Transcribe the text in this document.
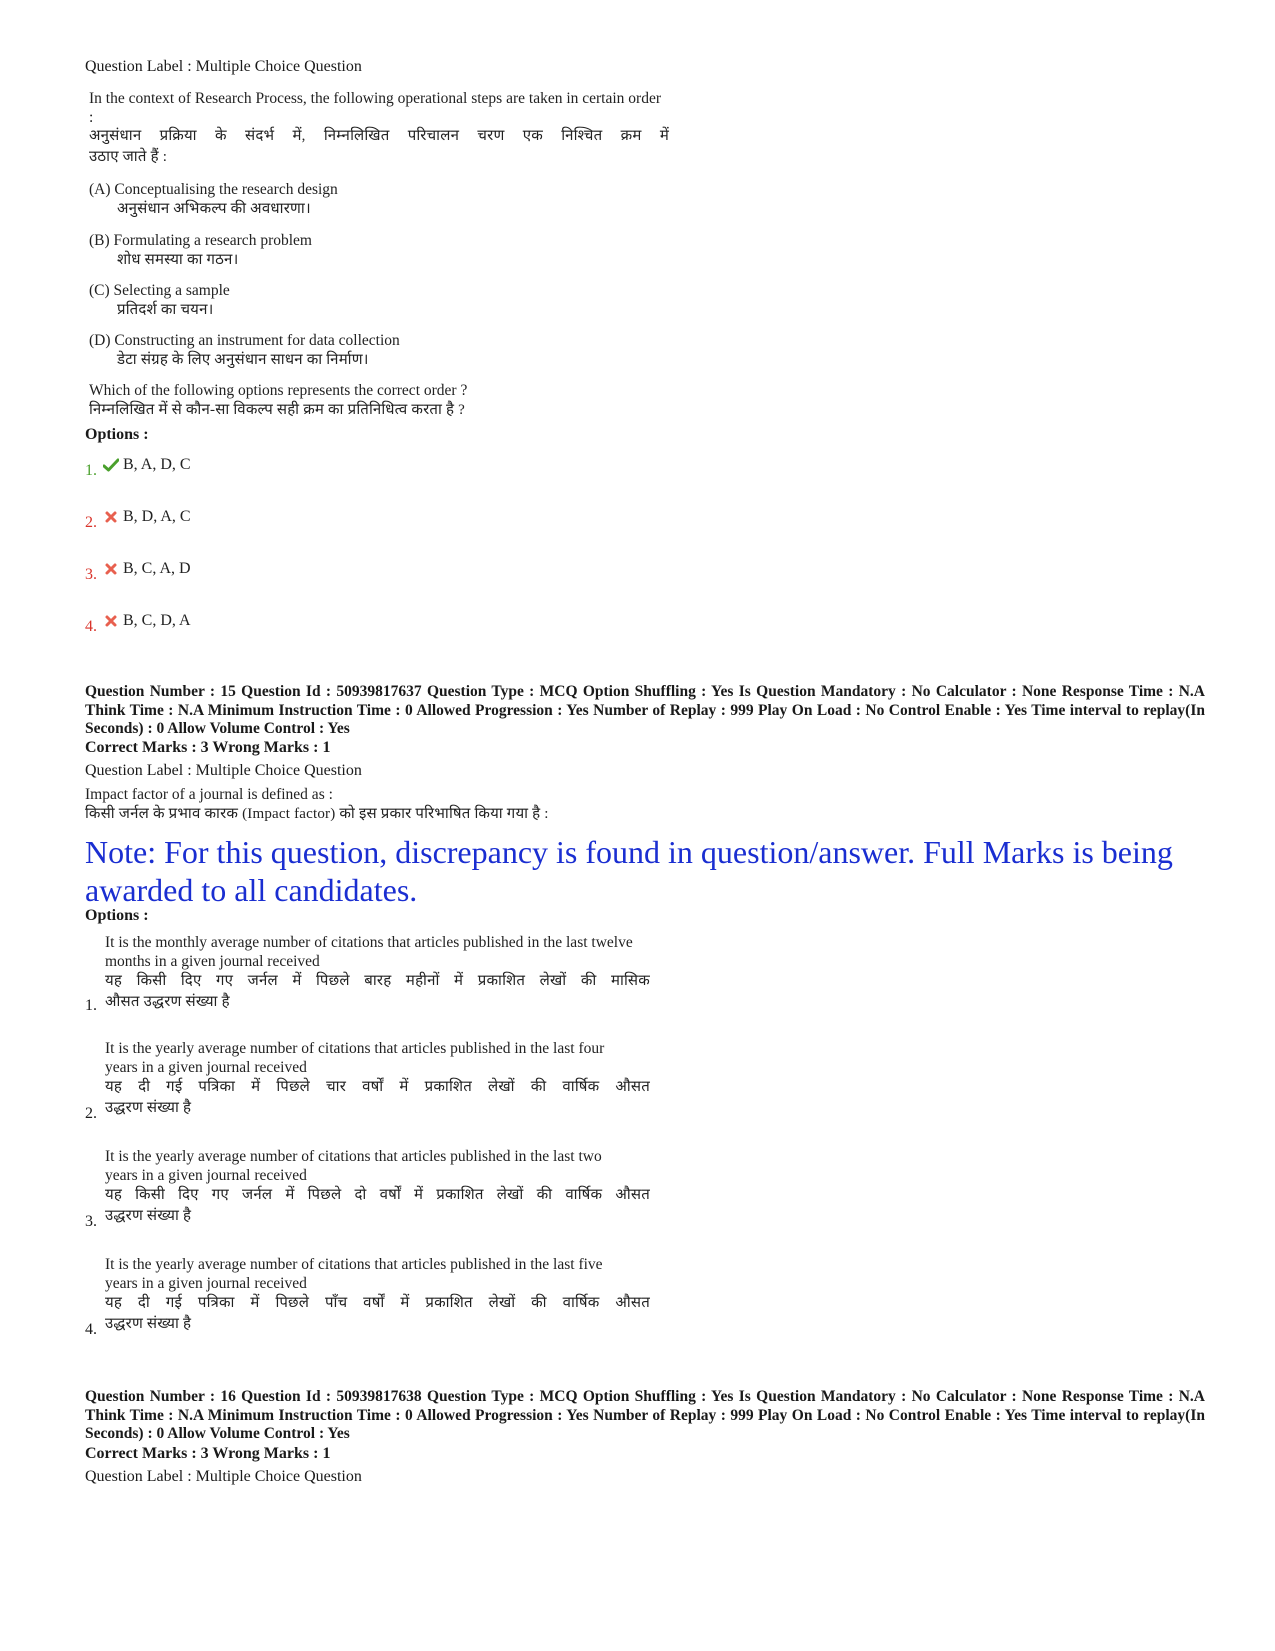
Question Label : Multiple Choice Question

In the context of Research Process, the following operational steps are taken in certain order :
अनुसंधान प्रक्रिया के संदर्भ में, निम्नलिखित परिचालन चरण एक निश्चित क्रम में
उठाए जाते हैं :
(A) Conceptualising the research design
अनुसंधान अभिकल्प की अवधारणा।
(B) Formulating a research problem
शोध समस्या का गठन।
(C) Selecting a sample
प्रतिदर्श का चयन।
(D) Constructing an instrument for data collection
डेटा संग्रह के लिए अनुसंधान साधन का निर्माण।
Which of the following options represents the correct order ?
निम्नलिखित में से कौन-सा विकल्प सही क्रम का प्रतिनिधित्व करता है ?

Options :

1. B, A, D, C
2. B, D, A, C
3. B, C, A, D
4. B, C, D, A
Question Number : 15 Question Id : 50939817637 Question Type : MCQ Option Shuffling : Yes Is Question Mandatory : No Calculator : None Response Time : N.A Think Time : N.A Minimum Instruction Time : 0 Allowed Progression : Yes Number of Replay : 999 Play On Load : No Control Enable : Yes Time interval to replay(In Seconds) : 0 Allow Volume Control : Yes
Correct Marks : 3 Wrong Marks : 1
Question Label : Multiple Choice Question
Impact factor of a journal is defined as :
किसी जर्नल के प्रभाव कारक (Impact factor) को इस प्रकार परिभाषित किया गया है :
Note: For this question, discrepancy is found in question/answer. Full Marks is being awarded to all candidates.

Options :

It is the monthly average number of citations that articles published in the last twelve
months in a given journal received
यह किसी दिए गए जर्नल में पिछले बारह महीनों में प्रकाशित लेखों की मासिक
औसत उद्धरण संख्या है
1.
It is the yearly average number of citations that articles published in the last four
years in a given journal received
यह दी गई पत्रिका में पिछले चार वर्षों में प्रकाशित लेखों की वार्षिक औसत
उद्धरण संख्या है
2.
It is the yearly average number of citations that articles published in the last two
years in a given journal received
यह किसी दिए गए जर्नल में पिछले दो वर्षों में प्रकाशित लेखों की वार्षिक औसत
उद्धरण संख्या है
3.
It is the yearly average number of citations that articles published in the last five
years in a given journal received
यह दी गई पत्रिका में पिछले पाँच वर्षों में प्रकाशित लेखों की वार्षिक औसत
उद्धरण संख्या है
4.
Question Number : 16 Question Id : 50939817638 Question Type : MCQ Option Shuffling : Yes Is Question Mandatory : No Calculator : None Response Time : N.A Think Time : N.A Minimum Instruction Time : 0 Allowed Progression : Yes Number of Replay : 999 Play On Load : No Control Enable : Yes Time interval to replay(In Seconds) : 0 Allow Volume Control : Yes
Correct Marks : 3 Wrong Marks : 1
Question Label : Multiple Choice Question
